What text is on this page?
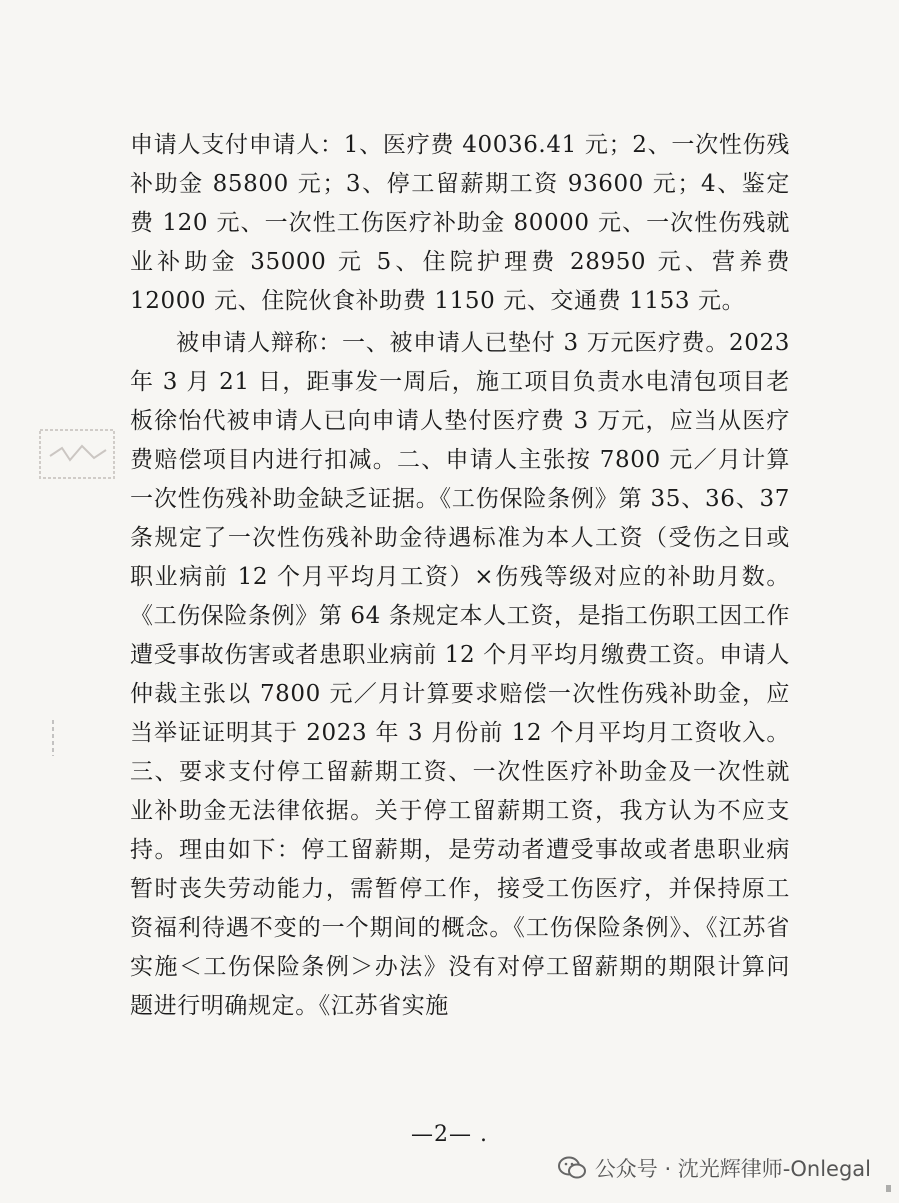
申请人支付申请人：1、医疗费 40036.41 元；2、一次性伤残补助金 85800 元；3、停工留薪期工资 93600 元；4、鉴定费 120 元、一次性工伤医疗补助金 80000 元、一次性伤残就业补助金 35000 元 5、住院护理费 28950 元、营养费 12000 元、住院伙食补助费 1150 元、交通费 1153 元。

被申请人辩称：一、被申请人已垫付 3 万元医疗费。2023 年 3 月 21 日，距事发一周后，施工项目负责水电清包项目老板徐怡代被申请人已向申请人垫付医疗费 3 万元，应当从医疗费赔偿项目内进行扣减。二、申请人主张按 7800 元／月计算一次性伤残补助金缺乏证据。《工伤保险条例》第 35、36、37 条规定了一次性伤残补助金待遇标准为本人工资（受伤之日或职业病前 12 个月平均月工资）×伤残等级对应的补助月数。《工伤保险条例》第 64 条规定本人工资，是指工伤职工因工作遭受事故伤害或者患职业病前 12 个月平均月缴费工资。申请人仲裁主张以 7800 元／月计算要求赔偿一次性伤残补助金，应当举证证明其于 2023 年 3 月份前 12 个月平均月工资收入。三、要求支付停工留薪期工资、一次性医疗补助金及一次性就业补助金无法律依据。关于停工留薪期工资，我方认为不应支持。理由如下：停工留薪期，是劳动者遭受事故或者患职业病暂时丧失劳动能力，需暂停工作，接受工伤医疗，并保持原工资福利待遇不变的一个期间的概念。《工伤保险条例》、《江苏省实施＜工伤保险条例＞办法》没有对停工留薪期的期限计算问题进行明确规定。《江苏省实施

—2— .
公众号 · 沈光辉律师-Onlegal
